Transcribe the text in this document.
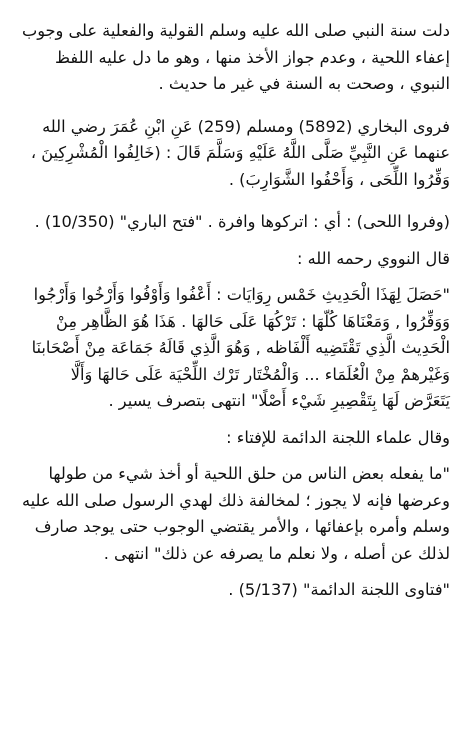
دلت سنة النبي صلى الله عليه وسلم القولية والفعلية على وجوب إعفاء اللحية ، وعدم جواز الأخذ منها ، وهو ما دل عليه اللفظ النبوي ، وصحت به السنة في غير ما حديث .

فروى البخاري (5892) ومسلم (259) عَنِ ابْنِ عُمَرَ رضي الله عنهما عَنِ النَّبِيِّ صَلَّى اللَّهُ عَلَيْهِ وَسَلَّمَ قَالَ : (خَالِفُوا الْمُشْرِكِينَ ، وَفِّرُوا اللِّحَى ، وَأَحْفُوا الشَّوَارِبَ) .

(وفروا اللحى) : أي : اتركوها وافرة . "فتح الباري" (10/350) .

قال النووي رحمه الله :

"حَصَلَ لِهَذَا الْحَدِيثِ خَمْس رِوَايَات : أَعْفُوا وَأَوْفُوا وَأَرْخُوا وَأَرْجُوا وَوَفِّرُوا , وَمَعْنَاهَا كُلّهَا : تَرْكُهَا عَلَى حَالهَا . هَذَا هُوَ الظَّاهِر مِنْ الْحَدِيث الَّذِي تَقْتَضِيه أَلْفَاظه , وَهُوَ الَّذِي قَالَهُ جَمَاعَة مِنْ أَصْحَابنَا وَغَيْرهمْ مِنْ الْعُلَمَاء ... وَالْمُخْتَار تَرْك اللِّحْيَة عَلَى حَالهَا وَأَلَّا يَتَعَرَّض لَهَا بِتَقْصِيرِ شَيْء أَصْلًا" انتهى بتصرف يسير .

وقال علماء اللجنة الدائمة للإفتاء :

"ما يفعله بعض الناس من حلق اللحية أو أخذ شيء من طولها وعرضها فإنه لا يجوز ؛ لمخالفة ذلك لهدي الرسول صلى الله عليه وسلم وأمره بإعفائها ، والأمر يقتضي الوجوب حتى يوجد صارف لذلك عن أصله ، ولا نعلم ما يصرفه عن ذلك" انتهى .

"فتاوى اللجنة الدائمة" (5/137) .
